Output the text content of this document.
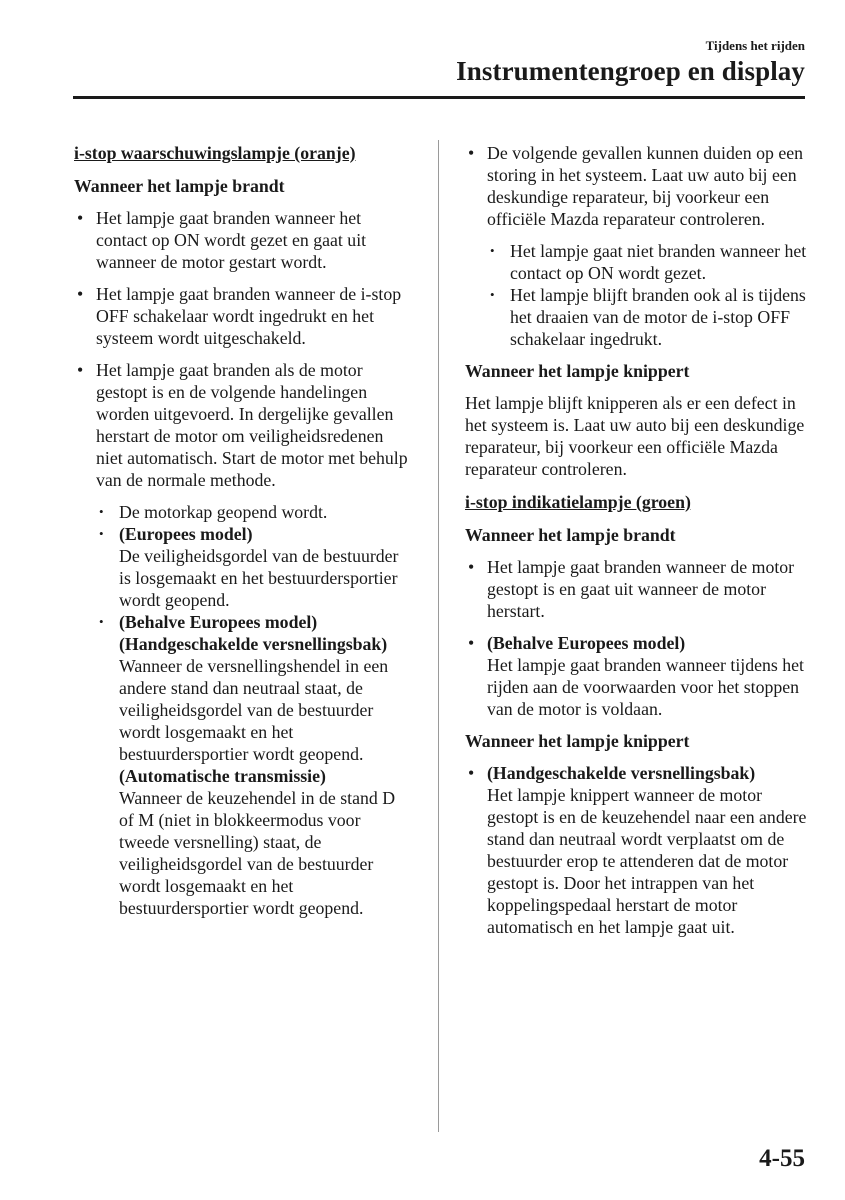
Tijdens het rijden
Instrumentengroep en display
i-stop waarschuwingslampje (oranje)
Wanneer het lampje brandt
• Het lampje gaat branden wanneer het contact op ON wordt gezet en gaat uit wanneer de motor gestart wordt.
• Het lampje gaat branden wanneer de i-stop OFF schakelaar wordt ingedrukt en het systeem wordt uitgeschakeld.
• Het lampje gaat branden als de motor gestopt is en de volgende handelingen worden uitgevoerd. In dergelijke gevallen herstart de motor om veiligheidsredenen niet automatisch. Start de motor met behulp van de normale methode.
• De motorkap geopend wordt.
• (Europees model)
De veiligheidsgordel van de bestuurder is losgemaakt en het bestuurdersportier wordt geopend.
• (Behalve Europees model) (Handgeschakelde versnellingsbak)
Wanneer de versnellingshendel in een andere stand dan neutraal staat, de veiligheidsgordel van de bestuurder wordt losgemaakt en het bestuurdersportier wordt geopend.
(Automatische transmissie)
Wanneer de keuzehendel in de stand D of M (niet in blokkeermodus voor tweede versnelling) staat, de veiligheidsgordel van de bestuurder wordt losgemaakt en het bestuurdersportier wordt geopend.
• De volgende gevallen kunnen duiden op een storing in het systeem. Laat uw auto bij een deskundige reparateur, bij voorkeur een officiële Mazda reparateur controleren.
• Het lampje gaat niet branden wanneer het contact op ON wordt gezet.
• Het lampje blijft branden ook al is tijdens het draaien van de motor de i-stop OFF schakelaar ingedrukt.
Wanneer het lampje knippert
Het lampje blijft knipperen als er een defect in het systeem is. Laat uw auto bij een deskundige reparateur, bij voorkeur een officiële Mazda reparateur controleren.
i-stop indikatielampje (groen)
Wanneer het lampje brandt
• Het lampje gaat branden wanneer de motor gestopt is en gaat uit wanneer de motor herstart.
• (Behalve Europees model)
Het lampje gaat branden wanneer tijdens het rijden aan de voorwaarden voor het stoppen van de motor is voldaan.
Wanneer het lampje knippert
• (Handgeschakelde versnellingsbak)
Het lampje knippert wanneer de motor gestopt is en de keuzehendel naar een andere stand dan neutraal wordt verplaatst om de bestuurder erop te attenderen dat de motor gestopt is. Door het intrappen van het koppelingspedaal herstart de motor automatisch en het lampje gaat uit.
4-55
